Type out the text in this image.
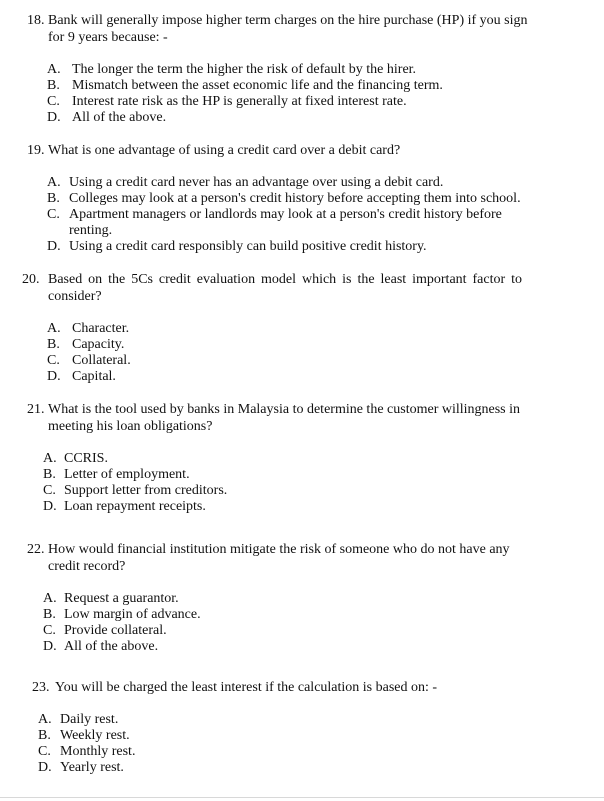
18. Bank will generally impose higher term charges on the hire purchase (HP) if you sign for 9 years because: -
A. The longer the term the higher the risk of default by the hirer.
B. Mismatch between the asset economic life and the financing term.
C. Interest rate risk as the HP is generally at fixed interest rate.
D. All of the above.
19. What is one advantage of using a credit card over a debit card?
A. Using a credit card never has an advantage over using a debit card.
B. Colleges may look at a person's credit history before accepting them into school.
C. Apartment managers or landlords may look at a person's credit history before renting.
D. Using a credit card responsibly can build positive credit history.
20. Based on the 5Cs credit evaluation model which is the least important factor to consider?
A. Character.
B. Capacity.
C. Collateral.
D. Capital.
21. What is the tool used by banks in Malaysia to determine the customer willingness in meeting his loan obligations?
A. CCRIS.
B. Letter of employment.
C. Support letter from creditors.
D. Loan repayment receipts.
22. How would financial institution mitigate the risk of someone who do not have any credit record?
A. Request a guarantor.
B. Low margin of advance.
C. Provide collateral.
D. All of the above.
23. You will be charged the least interest if the calculation is based on: -
A. Daily rest.
B. Weekly rest.
C. Monthly rest.
D. Yearly rest.
